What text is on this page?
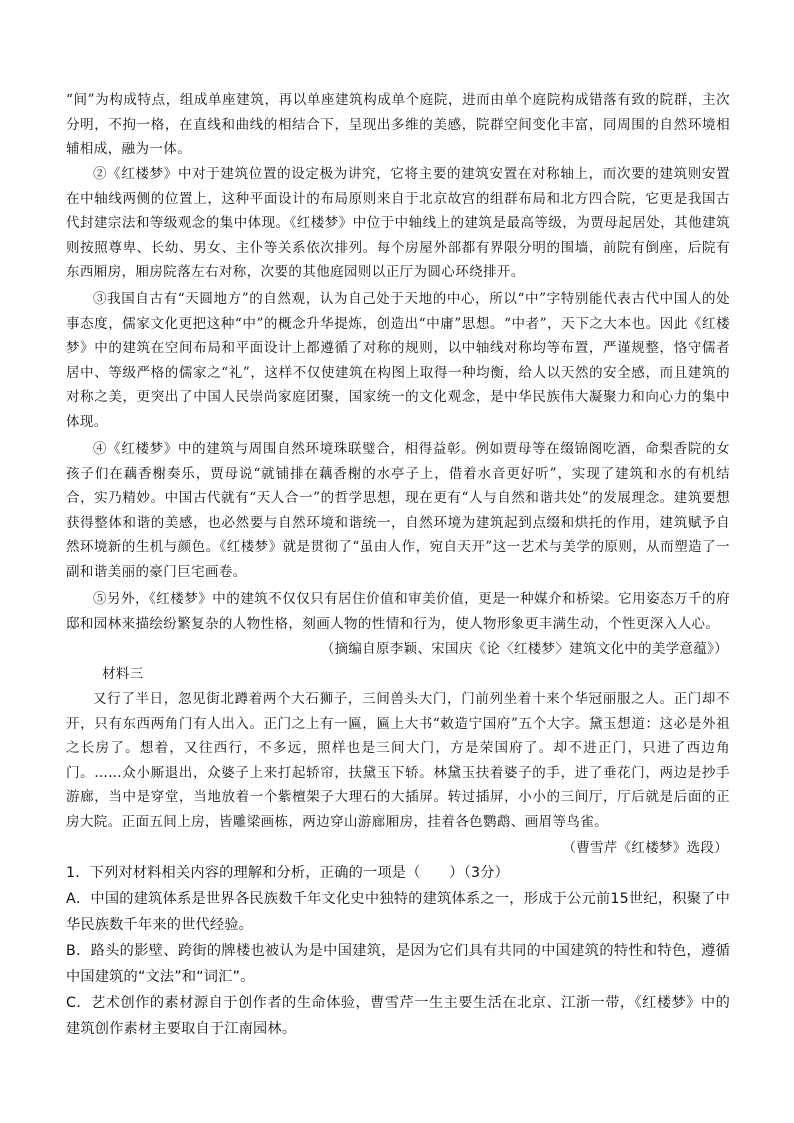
“间”为构成特点，组成单座建筑，再以单座建筑构成单个庭院，进而由单个庭院构成错落有致的院群，主次分明，不拘一格，在直线和曲线的相结合下，呈现出多维的美感，院群空间变化丰富，同周围的自然环境相辅相成，融为一体。

②《红楼梦》中对于建筑位置的设定极为讲究，它将主要的建筑安置在对称轴上，而次要的建筑则安置在中轴线两侧的位置上，这种平面设计的布局原则来自于北京故宫的组群布局和北方四合院，它更是我国古代封建宗法和等级观念的集中体现。《红楼梦》中位于中轴线上的建筑是最高等级，为贾母起居处，其他建筑则按照尊卑、长幼、男女、主仆等关系依次排列。每个房屋外部都有界限分明的围墙，前院有倒座，后院有东西厢房，厢房院落左右对称，次要的其他庭园则以正厅为圆心环绕排开。

③我国自古有“天圆地方”的自然观，认为自己处于天地的中心，所以“中”字特别能代表古代中国人的处事态度，儒家文化更把这种“中”的概念升华提炼，创造出“中庸”思想。“中者”，天下之大本也。因此《红楼梦》中的建筑在空间布局和平面设计上都遵循了对称的规则，以中轴线对称均等布置，严谨规整，恪守儒者居中、等级严格的儒家之“礼”，这样不仅使建筑在构图上取得一种均衡，给人以天然的安全感，而且建筑的对称之美，更突出了中国人民崇尚家庭团聚，国家统一的文化观念，是中华民族伟大凝聚力和向心力的集中体现。

④《红楼梦》中的建筑与周围自然环境珠联璧合，相得益彰。例如贾母等在缀锦阁吃酒，命梨香院的女孩子们在藕香榭奏乐，贾母说“就铺排在藕香榭的水亭子上，借着水音更好听”，实现了建筑和水的有机结合，实乃精妙。中国古代就有“天人合一”的哲学思想，现在更有“人与自然和谐共处”的发展理念。建筑要想获得整体和谐的美感，也必然要与自然环境和谐统一，自然环境为建筑起到点缀和烘托的作用，建筑赋予自然环境新的生机与颜色。《红楼梦》就是贯彻了“虽由人作，宛自天开”这一艺术与美学的原则，从而塑造了一副和谐美丽的豪门巨宅画卷。

⑤另外，《红楼梦》中的建筑不仅仅只有居住价值和审美价值，更是一种媒介和桥梁。它用姿态万千的府邸和园林来描绘纷繁复杂的人物性格，刻画人物的性情和行为，使人物形象更丰满生动，个性更深入人心。

（摘编自原李颖、宋国庆《论〈红楼梦〉建筑文化中的美学意蕴》）

材料三

又行了半日，忽见街北蹲着两个大石狮子，三间兽头大门，门前列坐着十来个华冠丽服之人。正门却不开，只有东西两角门有人出入。正门之上有一匾，匾上大书“敕造宁国府”五个大字。黛玉想道：这必是外祖之长房了。想着，又往西行，不多远，照样也是三间大门，方是荣国府了。却不进正门，只进了西边角门。……众小厮退出，众婆子上来打起轿帘，扶黛玉下轿。林黛玉扶着婆子的手，进了垂花门，两边是抄手游廊，当中是穿堂，当地放着一个紫檀架子大理石的大插屏。转过插屏，小小的三间厅，厅后就是后面的正房大院。正面五间上房，皆雕梁画栋，两边穿山游廊厢房，挂着各色鹦鹉、画眉等鸟雀。

（曹雪芹《红楼梦》选段）

1．下列对材料相关内容的理解和分析，正确的一项是（　　）（3分）

A．中国的建筑体系是世界各民族数千年文化史中独特的建筑体系之一，形成于公元前15世纪，积聚了中华民族数千年来的世代经验。

B．路头的影壁、跨街的牌楼也被认为是中国建筑，是因为它们具有共同的中国建筑的特性和特色，遵循中国建筑的“文法”和“词汇”。

C．艺术创作的素材源自于创作者的生命体验，曹雪芹一生主要生活在北京、江浙一带，《红楼梦》中的建筑创作素材主要取自于江南园林。
